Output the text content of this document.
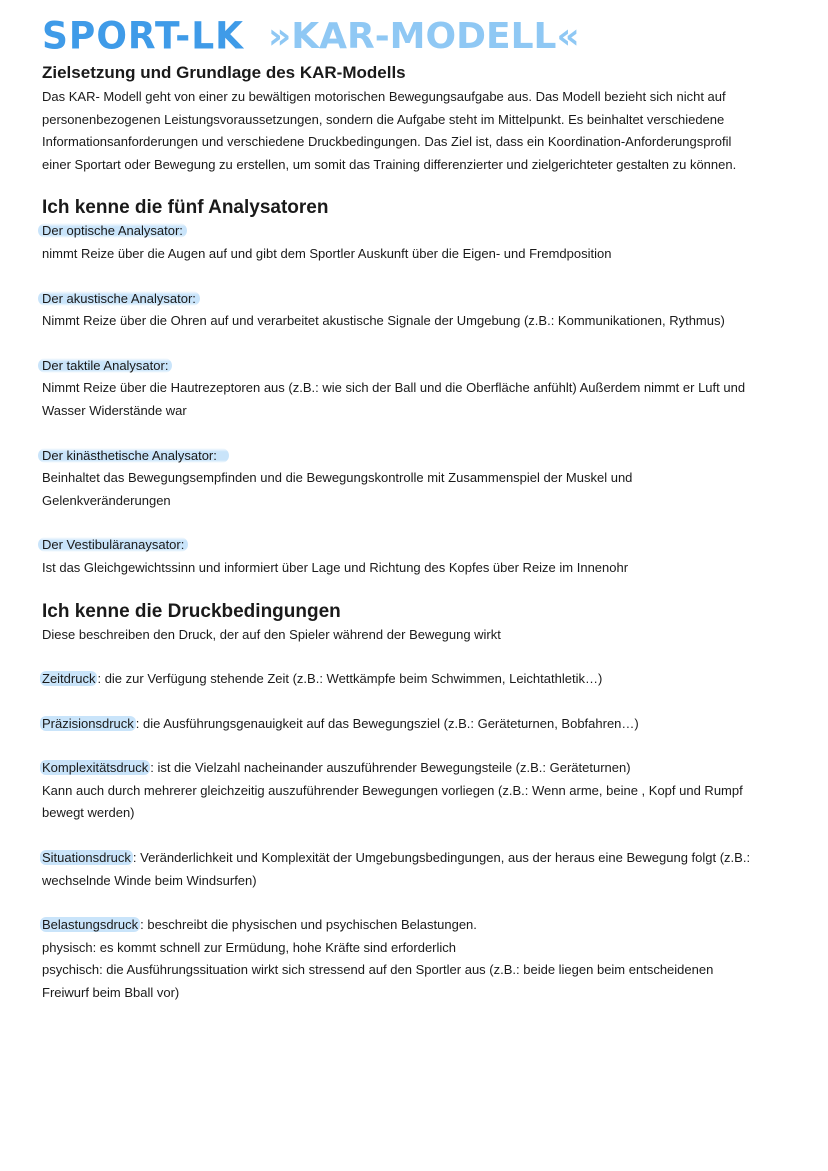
SPORT-LK »KAR-MODELL«
Zielsetzung und Grundlage des KAR-Modells

Das KAR- Modell geht von einer zu bewältigen motorischen Bewegungsaufgabe aus. Das Modell bezieht sich nicht auf

personenbezogenen Leistungsvoraussetzungen, sondern die Aufgabe steht im Mittelpunkt. Es beinhaltet verschiedene

Informationsanforderungen und verschiedene Druckbedingungen. Das Ziel ist, dass ein Koordination-Anforderungsprofil

einer Sportart oder Bewegung zu erstellen, um somit das Training differenzierter und zielgerichteter gestalten zu können.

Ich kenne die fünf Analysatoren

Der optische Analysator:

nimmt Reize über die Augen auf und gibt dem Sportler Auskunft über die Eigen- und Fremdposition

Der akustische Analysator:

Nimmt Reize über die Ohren auf und verarbeitet akustische Signale der Umgebung (z.B.: Kommunikationen, Rythmus)

Der taktile Analysator:

Nimmt Reize über die Hautrezeptoren aus (z.B.: wie sich der Ball und die Oberfläche anfühlt) Außerdem nimmt er Luft und

Wasser Widerstände war

Der kinästhetische Analysator:

Beinhaltet das Bewegungsempfinden und die Bewegungskontrolle mit Zusammenspiel der Muskel und

Gelenkveränderungen

Der Vestibuläranaysator:

Ist das Gleichgewichtssinn und informiert über Lage und Richtung des Kopfes über Reize im Innenohr

Ich kenne die Druckbedingungen

Diese beschreiben den Druck, der auf den Spieler während der Bewegung wirkt

Zeitdruck : die zur Verfügung stehende Zeit (z.B.: Wettkämpfe beim Schwimmen, Leichtathletik…)

Präzisionsdruck : die Ausführungsgenauigkeit auf das Bewegungsziel (z.B.: Geräteturnen, Bobfahren…)

Komplexitätsdruck : ist die Vielzahl nacheinander auszuführender Bewegungsteile (z.B.: Geräteturnen)

Kann auch durch mehrerer gleichzeitig auszuführender Bewegungen vorliegen (z.B.: Wenn arme, beine , Kopf und Rumpf

bewegt werden)

Situationsdruck : Veränderlichkeit und Komplexität der Umgebungsbedingungen, aus der heraus eine Bewegung folgt (z.B.:

wechselnde Winde beim Windsurfen)

Belastungsdruck : beschreibt die physischen und psychischen Belastungen.

physisch: es kommt schnell zur Ermüdung, hohe Kräfte sind erforderlich

psychisch: die Ausführungssituation wirkt sich stressend auf den Sportler aus (z.B.: beide liegen beim entscheidenen

Freiwurf beim Bball vor)
